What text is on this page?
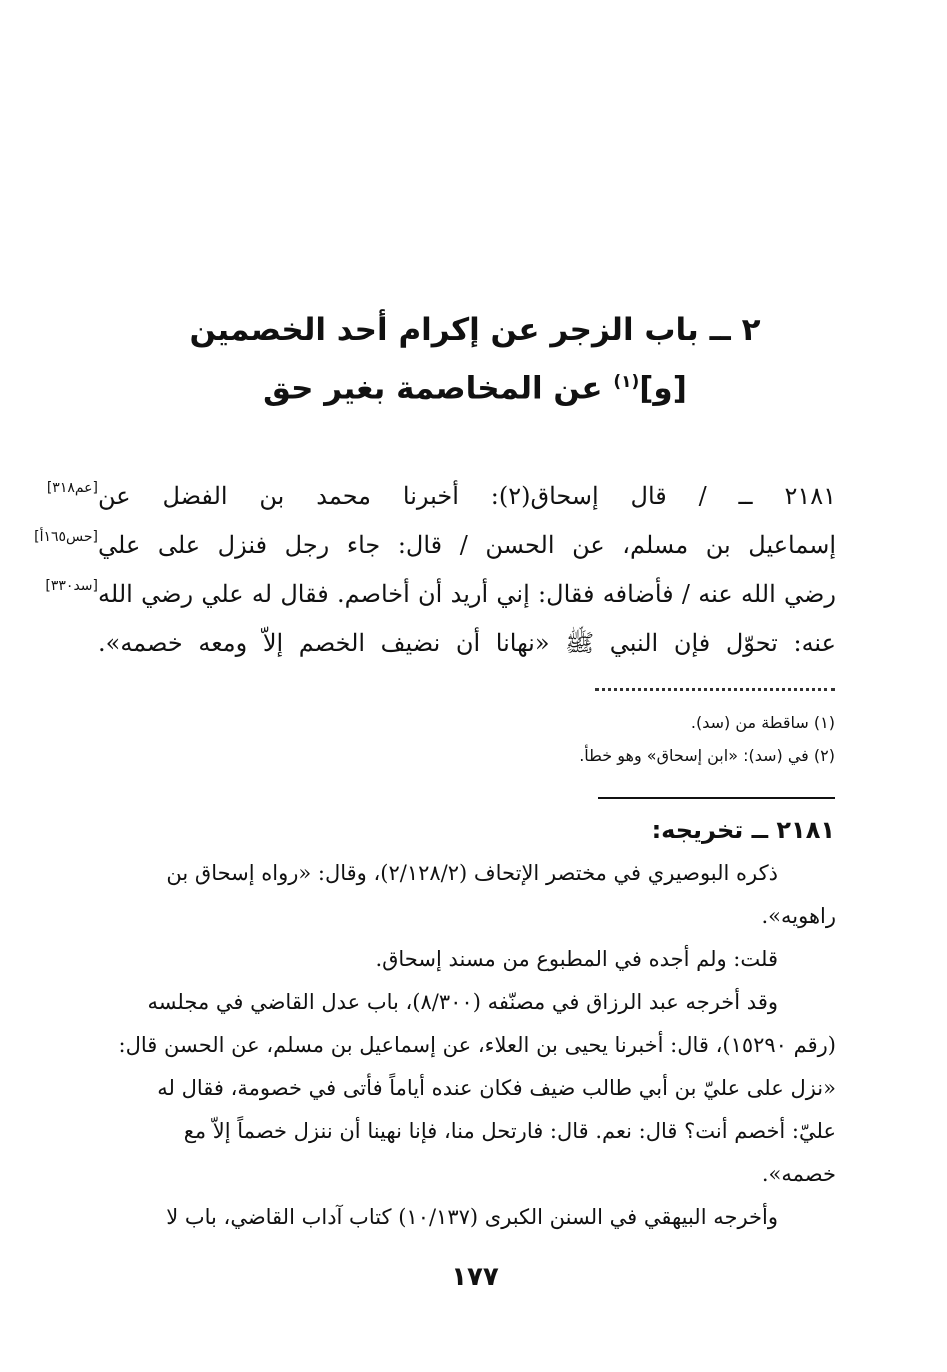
٢ ــ باب الزجر عن إكرام أحد الخصمين
[و]$^{(١)}$ عن المخاصمة بغير حق
٢١٨١ ــ / قال إسحاق(٢): أخبرنا محمد بن الفضل عن
[عم٣١٨]
إسماعيل بن مسلم، عن الحسن / قال: جاء رجل فنزل على علي
[حس١٦٥أ]
رضي الله عنه / فأضافه فقال: إني أريد أن أخاصم. فقال له علي رضي الله
[سد٣٣٠]
عنه: تحوّل فإن النبي ﷺ «نهانا أن نضيف الخصم إلاّ ومعه خصمه».
(١) ساقطة من (سد).
(٢) في (سد): «ابن إسحاق» وهو خطأ.
٢١٨١ ــ تخريجه:

ذكره البوصيري في مختصر الإتحاف (٢/١٢٨/٢)، وقال: «رواه إسحاق بن راهويه».

قلت: ولم أجده في المطبوع من مسند إسحاق.

وقد أخرجه عبد الرزاق في مصنّفه (٨/٣٠٠)، باب عدل القاضي في مجلسه (رقم ١٥٢٩٠)، قال: أخبرنا يحيى بن العلاء، عن إسماعيل بن مسلم، عن الحسن قال: «نزل على عليّ بن أبي طالب ضيف فكان عنده أياماً فأتى في خصومة، فقال له عليّ: أخصم أنت؟ قال: نعم. قال: فارتحل منا، فإنا نهينا أن ننزل خصماً إلاّ مع خصمه».

وأخرجه البيهقي في السنن الكبرى (١٠/١٣٧) كتاب آداب القاضي، باب لا

١٧٧
